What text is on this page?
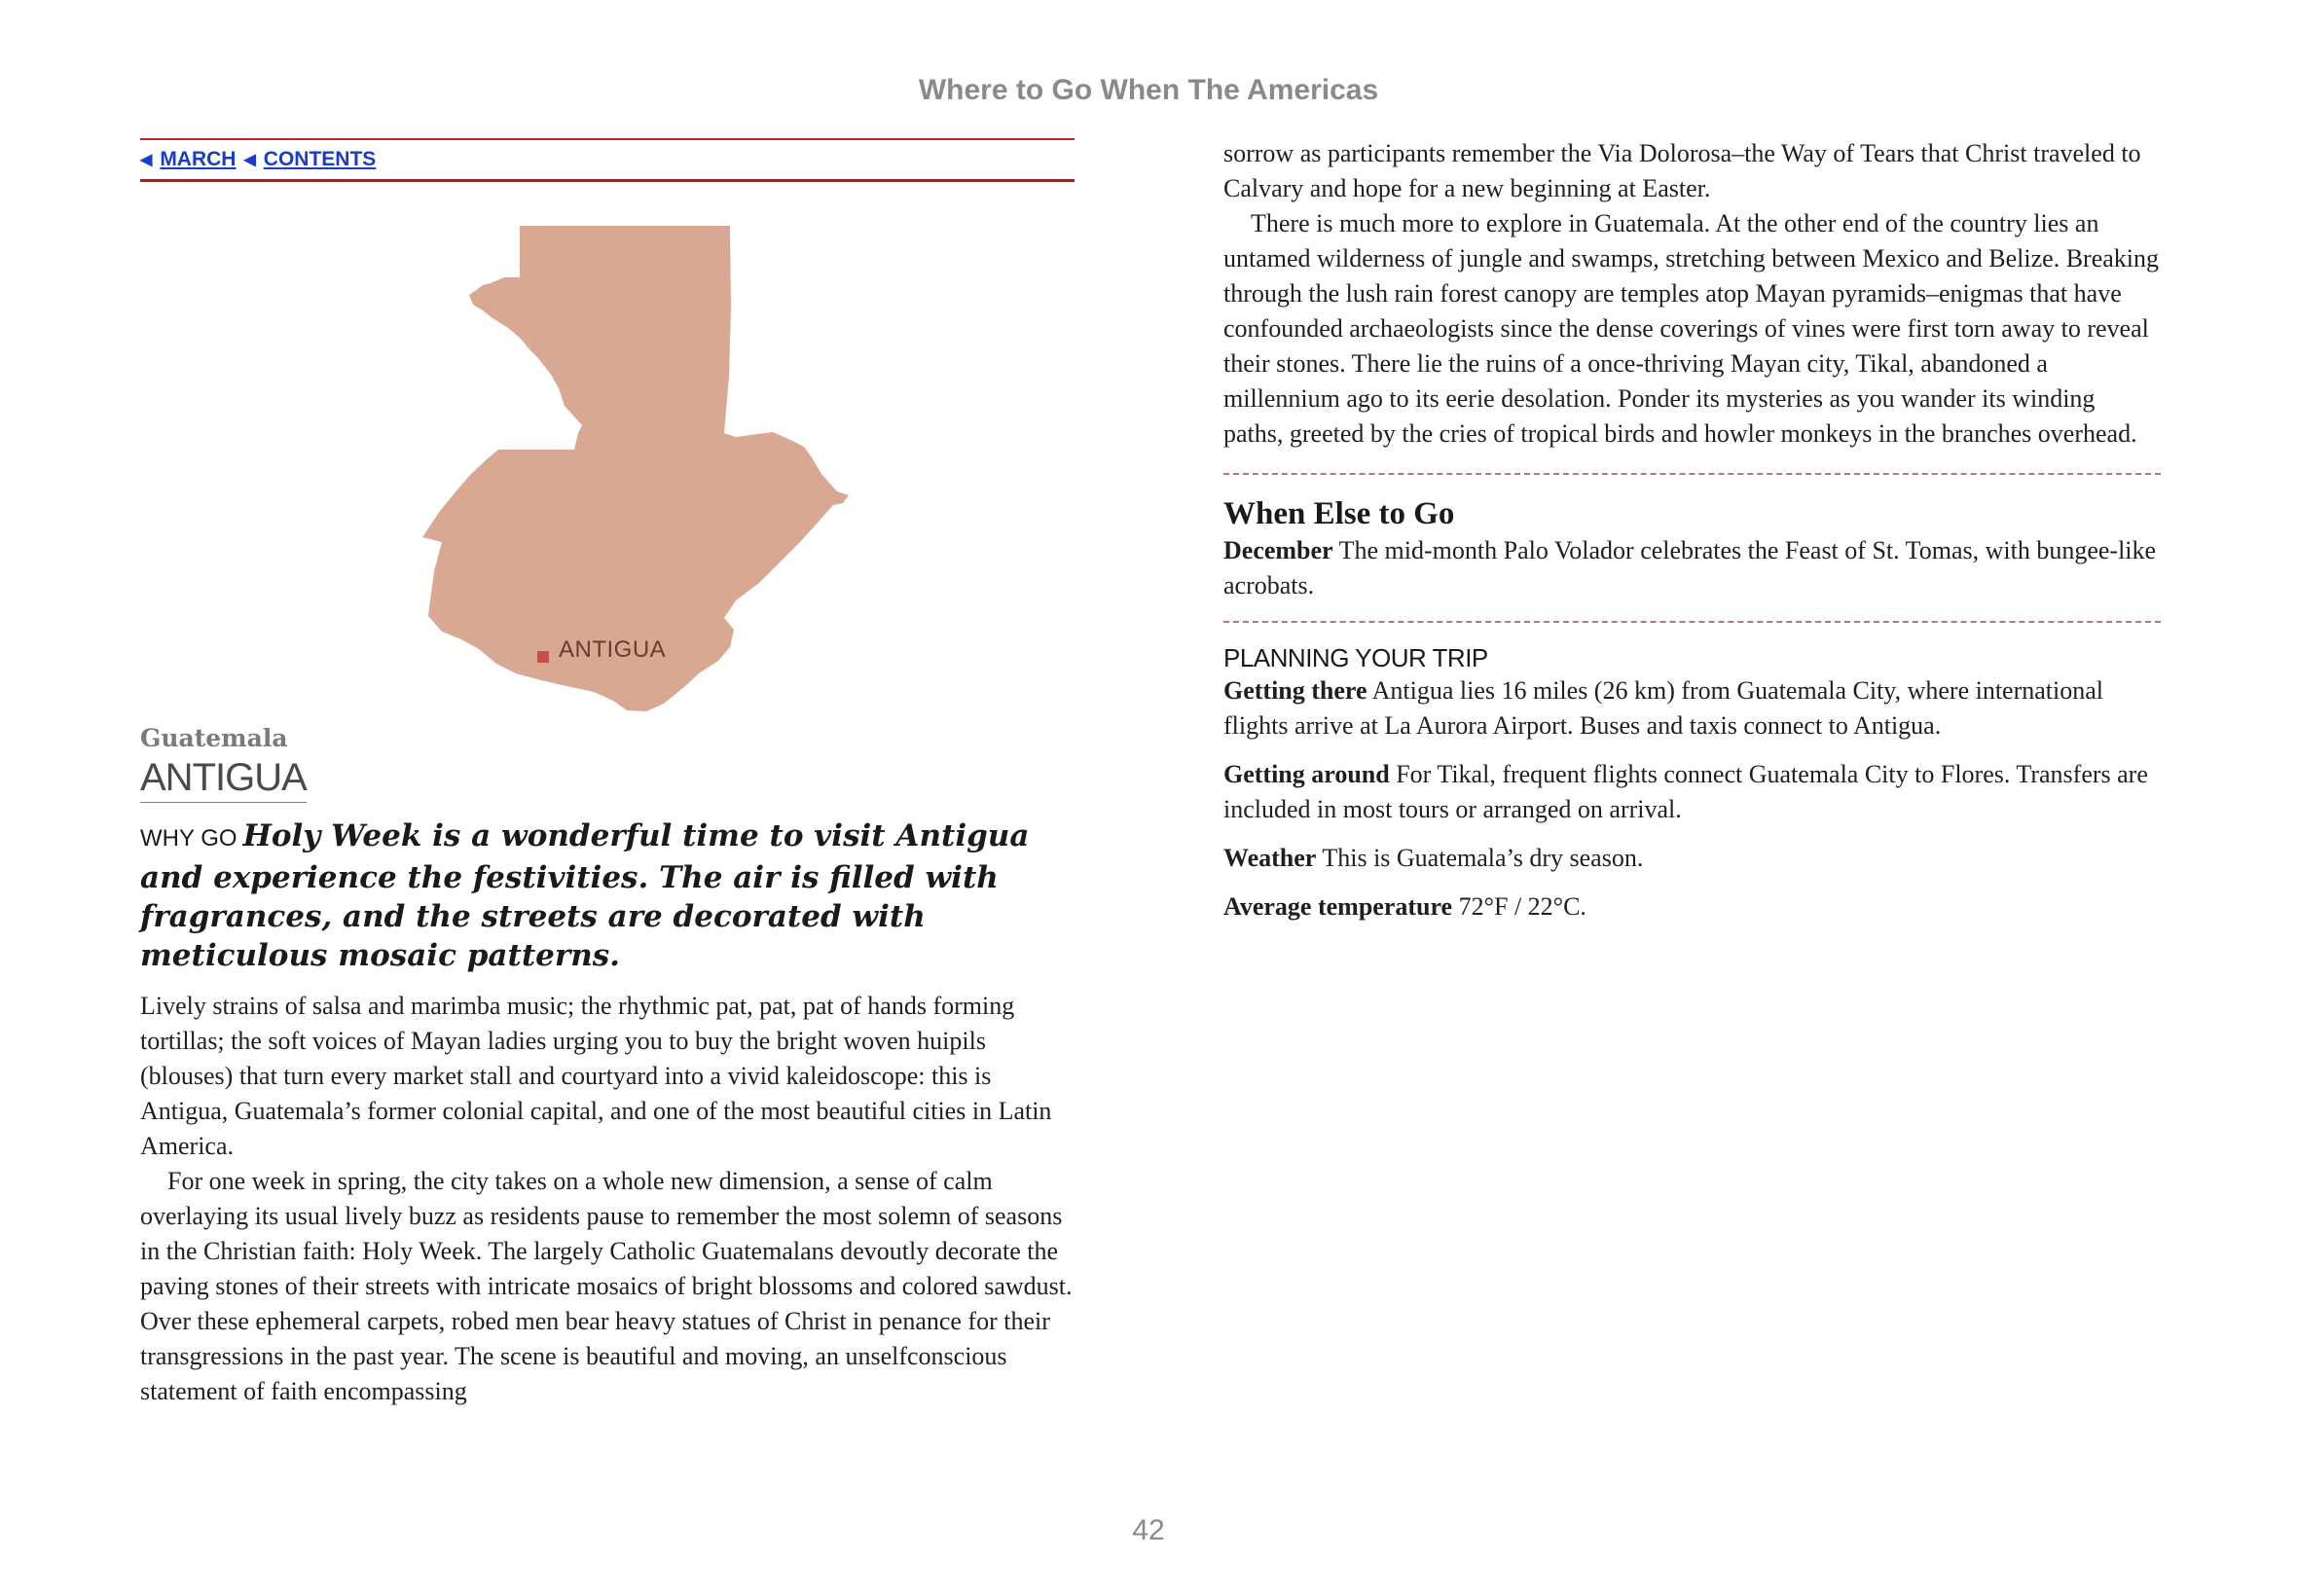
Where to Go When The Americas
◀ MARCH ◀ CONTENTS
ANTIGUA
Guatemala
ANTIGUA
WHY GO Holy Week is a wonderful time to visit Antigua and experience the festivities. The air is filled with fragrances, and the streets are decorated with meticulous mosaic patterns.

Lively strains of salsa and marimba music; the rhythmic pat, pat, pat of hands forming tortillas; the soft voices of Mayan ladies urging you to buy the bright woven huipils (blouses) that turn every market stall and courtyard into a vivid kaleidoscope: this is Antigua, Guatemala’s former colonial capital, and one of the most beautiful cities in Latin America.

For one week in spring, the city takes on a whole new dimension, a sense of calm overlaying its usual lively buzz as residents pause to remember the most solemn of seasons in the Christian faith: Holy Week. The largely Catholic Guatemalans devoutly decorate the paving stones of their streets with intricate mosaics of bright blossoms and colored sawdust. Over these ephemeral carpets, robed men bear heavy statues of Christ in penance for their transgressions in the past year. The scene is beautiful and moving, an unselfconscious statement of faith encompassing

sorrow as participants remember the Via Dolorosa–the Way of Tears that Christ traveled to Calvary and hope for a new beginning at Easter.

There is much more to explore in Guatemala. At the other end of the country lies an untamed wilderness of jungle and swamps, stretching between Mexico and Belize. Breaking through the lush rain forest canopy are temples atop Mayan pyramids–enigmas that have confounded archaeologists since the dense coverings of vines were first torn away to reveal their stones. There lie the ruins of a once-thriving Mayan city, Tikal, abandoned a millennium ago to its eerie desolation. Ponder its mysteries as you wander its winding paths, greeted by the cries of tropical birds and howler monkeys in the branches overhead.

When Else to Go
December The mid-month Palo Volador celebrates the Feast of St. Tomas, with bungee-like acrobats.
PLANNING YOUR TRIP
Getting there Antigua lies 16 miles (26 km) from Guatemala City, where international flights arrive at La Aurora Airport. Buses and taxis connect to Antigua.
Getting around For Tikal, frequent flights connect Guatemala City to Flores. Transfers are included in most tours or arranged on arrival.
Weather This is Guatemala’s dry season.
Average temperature 72°F / 22°C.
42
